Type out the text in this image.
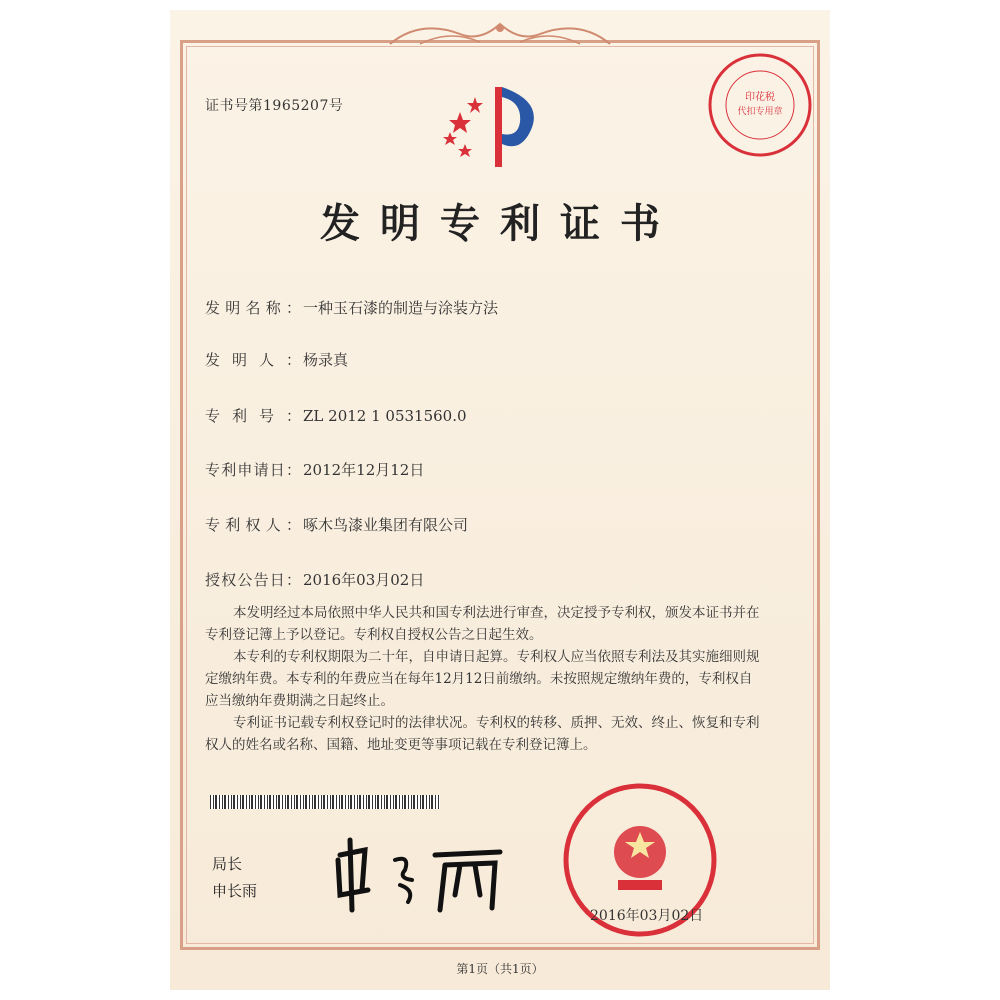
印花税
代扣专用章
证书号第1965207号
发明专利证书
发明名称： 一种玉石漆的制造与涂装方法
发明人： 杨录真
专利号： ZL 2012 1 0531560.0
专利申请日： 2012年12月12日
专利权人： 啄木鸟漆业集团有限公司
授权公告日： 2016年03月02日

本发明经过本局依照中华人民共和国专利法进行审查，决定授予专利权，颁发本证书并在专利登记簿上予以登记。专利权自授权公告之日起生效。

本专利的专利权期限为二十年，自申请日起算。专利权人应当依照专利法及其实施细则规定缴纳年费。本专利的年费应当在每年12月12日前缴纳。未按照规定缴纳年费的，专利权自应当缴纳年费期满之日起终止。

专利证书记载专利权登记时的法律状况。专利权的转移、质押、无效、终止、恢复和专利权人的姓名或名称、国籍、地址变更等事项记载在专利登记簿上。

局长
申长雨
2016年03月02日
第1页（共1页）
